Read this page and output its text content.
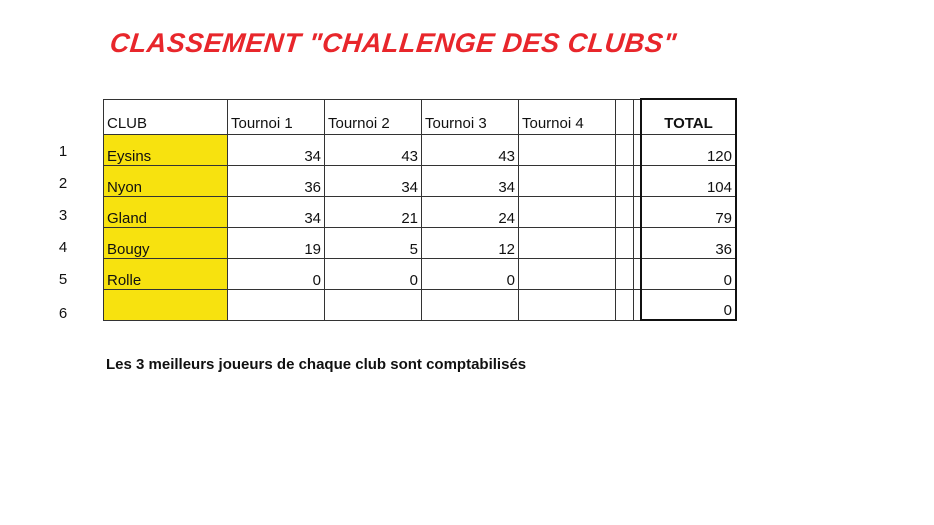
CLASSEMENT "CHALLENGE DES CLUBS"
1
2
3
4
5
6
CLUB	Tournoi 1	Tournoi 2	Tournoi 3	Tournoi 4			TOTAL
Eysins	34	43	43				120
Nyon	36	34	34				104
Gland	34	21	24				79
Bougy	19	5	12				36
Rolle	0	0	0				0
							0
Les 3 meilleurs joueurs de chaque club sont comptabilisés
